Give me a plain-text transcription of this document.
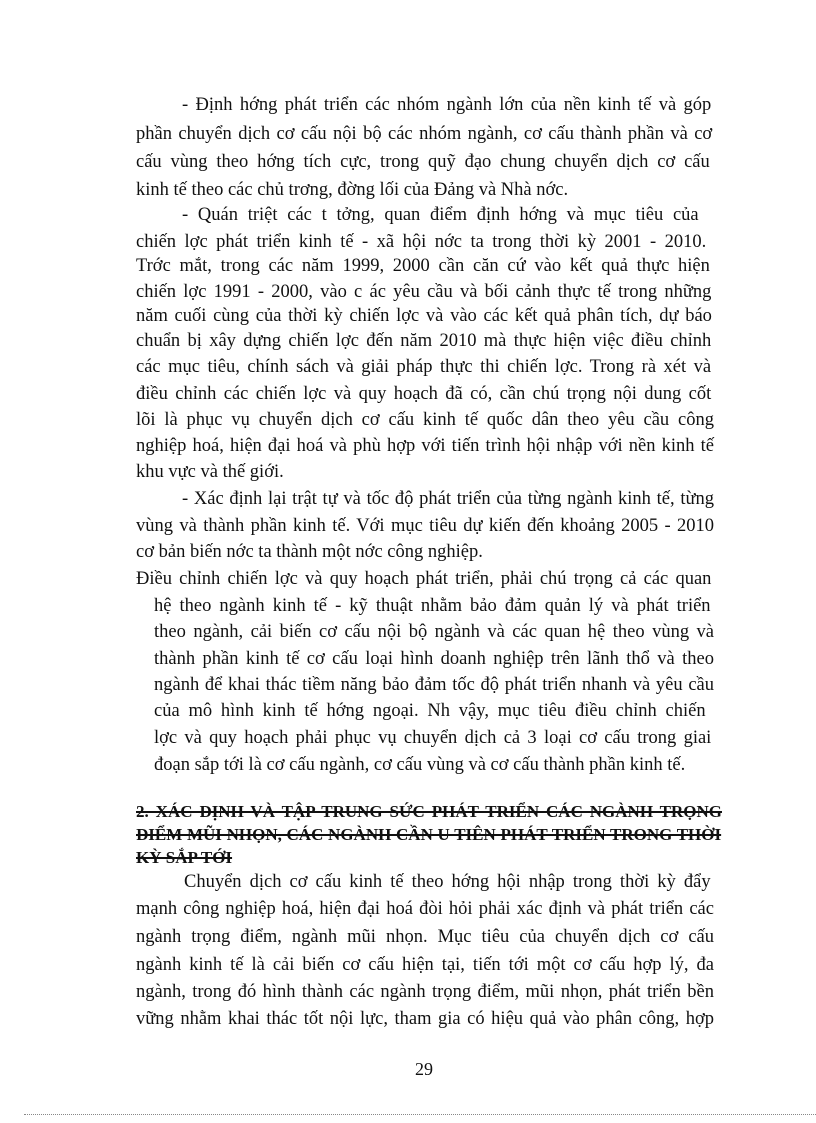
- Định hớng phát triển các nhóm ngành lớn của nền kinh tế và góp
phần chuyển dịch cơ cấu nội bộ các nhóm ngành, cơ cấu thành phần và cơ
cấu vùng theo hớng tích cực, trong quỹ đạo chung chuyển dịch cơ cấu
kinh tế theo các chủ trơng, đờng lối của Đảng và Nhà nớc.
- Quán triệt các t tởng, quan điểm định hớng và mục tiêu của
chiến lợc phát triển kinh tế - xã hội nớc ta trong thời kỳ 2001 - 2010.
Trớc mắt, trong các năm 1999, 2000 cần căn cứ vào kết quả thực hiện
chiến lợc 1991 - 2000, vào c ác yêu cầu và bối cảnh thực tế trong những
năm cuối cùng của thời kỳ chiến lợc và vào các kết quả phân tích, dự báo
chuẩn bị xây dựng chiến lợc đến năm 2010 mà thực hiện việc điều chỉnh
các mục tiêu, chính sách và giải pháp thực thi chiến lợc. Trong rà xét và
điều chỉnh các chiến lợc và quy hoạch đã có, cần chú trọng nội dung cốt
lõi là phục vụ chuyển dịch cơ cấu kinh tế quốc dân theo yêu cầu công
nghiệp hoá, hiện đại hoá và phù hợp với tiến trình hội nhập với nền kinh tế
khu vực và thế giới.
- Xác định lại trật tự và tốc độ phát triển của từng ngành kinh tế, từng
vùng và thành phần kinh tế. Với mục tiêu dự kiến đến khoảng 2005 - 2010
cơ bản biến nớc ta thành một nớc công nghiệp.
Điều chỉnh chiến lợc và quy hoạch phát triển, phải chú trọng cả các quan
hệ theo ngành kinh tế - kỹ thuật nhằm bảo đảm quản lý và phát triển
theo ngành, cải biến cơ cấu nội bộ ngành và các quan hệ theo vùng và
thành phần kinh tế cơ cấu loại hình doanh nghiệp trên lãnh thổ và theo
ngành để khai thác tiềm năng bảo đảm tốc độ phát triển nhanh và yêu cầu
của mô hình kinh tế hớng ngoại. Nh vậy, mục tiêu điều chỉnh chiến
lợc và quy hoạch phải phục vụ chuyển dịch cả 3 loại cơ cấu trong giai
đoạn sắp tới là cơ cấu ngành, cơ cấu vùng và cơ cấu thành phần kinh tế.
2. XÁC ĐỊNH VÀ TẬP TRUNG SỨC PHÁT TRIỂN CÁC NGÀNH TRỌNG
ĐIỂM MŨI NHỌN, CÁC NGÀNH CẦN U TIÊN PHÁT TRIỂN TRONG THỜI
KỲ SẮP TỚI
Chuyển dịch cơ cấu kinh tế theo hớng hội nhập trong thời kỳ đẩy
mạnh công nghiệp hoá, hiện đại hoá đòi hỏi phải xác định và phát triển các
ngành trọng điểm, ngành mũi nhọn. Mục tiêu của chuyển dịch cơ cấu
ngành kinh tế là cải biến cơ cấu hiện tại, tiến tới một cơ cấu hợp lý, đa
ngành, trong đó hình thành các ngành trọng điểm, mũi nhọn, phát triển bền
vững nhằm khai thác tốt nội lực, tham gia có hiệu quả vào phân công, hợp
29
